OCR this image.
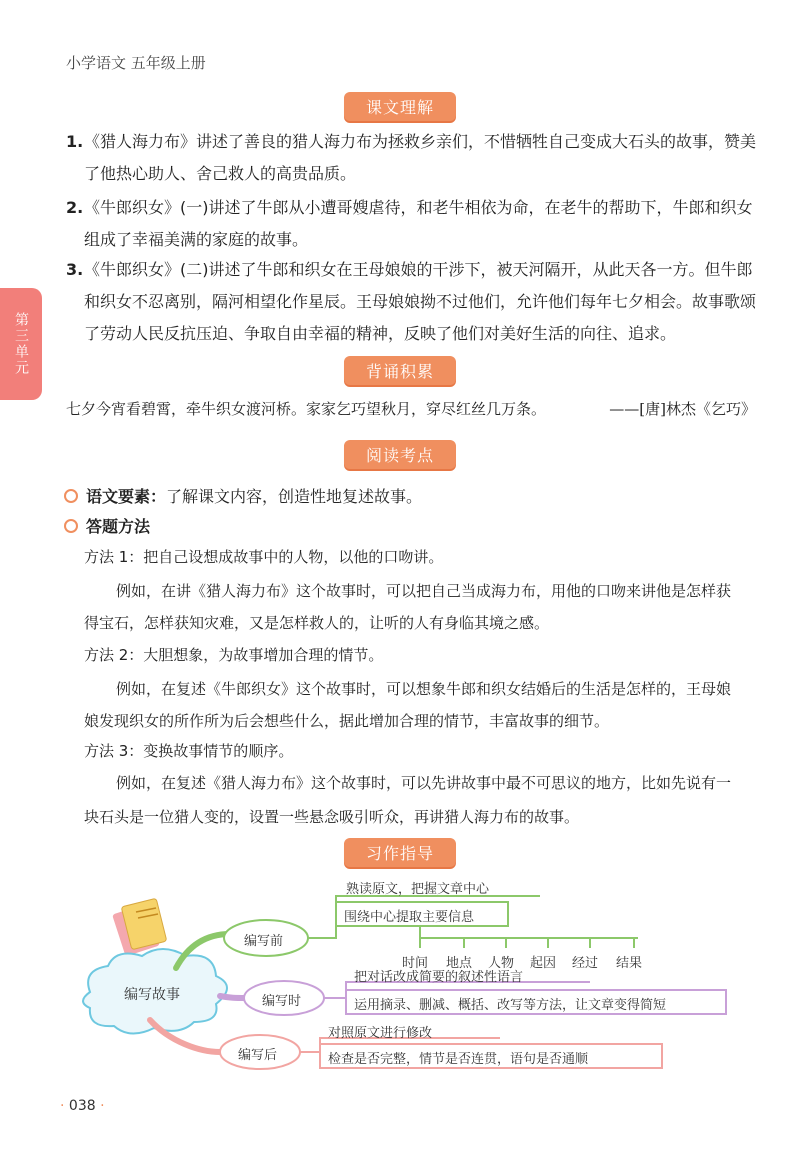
小学语文 五年级上册
第三单元
课文理解
1. 《猎人海力布》讲述了善良的猎人海力布为拯救乡亲们，不惜牺牲自己变成大石头的故事，赞美了他热心助人、舍己救人的高贵品质。
2. 《牛郎织女》(一)讲述了牛郎从小遭哥嫂虐待，和老牛相依为命，在老牛的帮助下，牛郎和织女组成了幸福美满的家庭的故事。
3. 《牛郎织女》(二)讲述了牛郎和织女在王母娘娘的干涉下，被天河隔开，从此天各一方。但牛郎和织女不忍离别，隔河相望化作星辰。王母娘娘拗不过他们，允许他们每年七夕相会。故事歌颂了劳动人民反抗压迫、争取自由幸福的精神，反映了他们对美好生活的向往、追求。
背诵积累
七夕今宵看碧霄，牵牛织女渡河桥。家家乞巧望秋月，穿尽红丝几万条。	——[唐]林杰《乞巧》
阅读考点
语文要素：了解课文内容，创造性地复述故事。
答题方法
方法 1：把自己设想成故事中的人物，以他的口吻讲。
例如，在讲《猎人海力布》这个故事时，可以把自己当成海力布，用他的口吻来讲他是怎样获
得宝石，怎样获知灾难，又是怎样救人的，让听的人有身临其境之感。
方法 2：大胆想象，为故事增加合理的情节。
例如，在复述《牛郎织女》这个故事时，可以想象牛郎和织女结婚后的生活是怎样的，王母娘
娘发现织女的所作所为后会想些什么，据此增加合理的情节，丰富故事的细节。
方法 3：变换故事情节的顺序。
例如，在复述《猎人海力布》这个故事时，可以先讲故事中最不可思议的地方，比如先说有一
块石头是一位猎人变的，设置一些悬念吸引听众，再讲猎人海力布的故事。
习作指导
编写故事
编写前
编写时
编写后
熟读原文，把握文章中心
围绕中心提取主要信息
时间 地点 人物 起因 经过 结果
把对话改成简要的叙述性语言
运用摘录、删减、概括、改写等方法，让文章变得简短
对照原文进行修改
检查是否完整，情节是否连贯，语句是否通顺
· 038 ·
